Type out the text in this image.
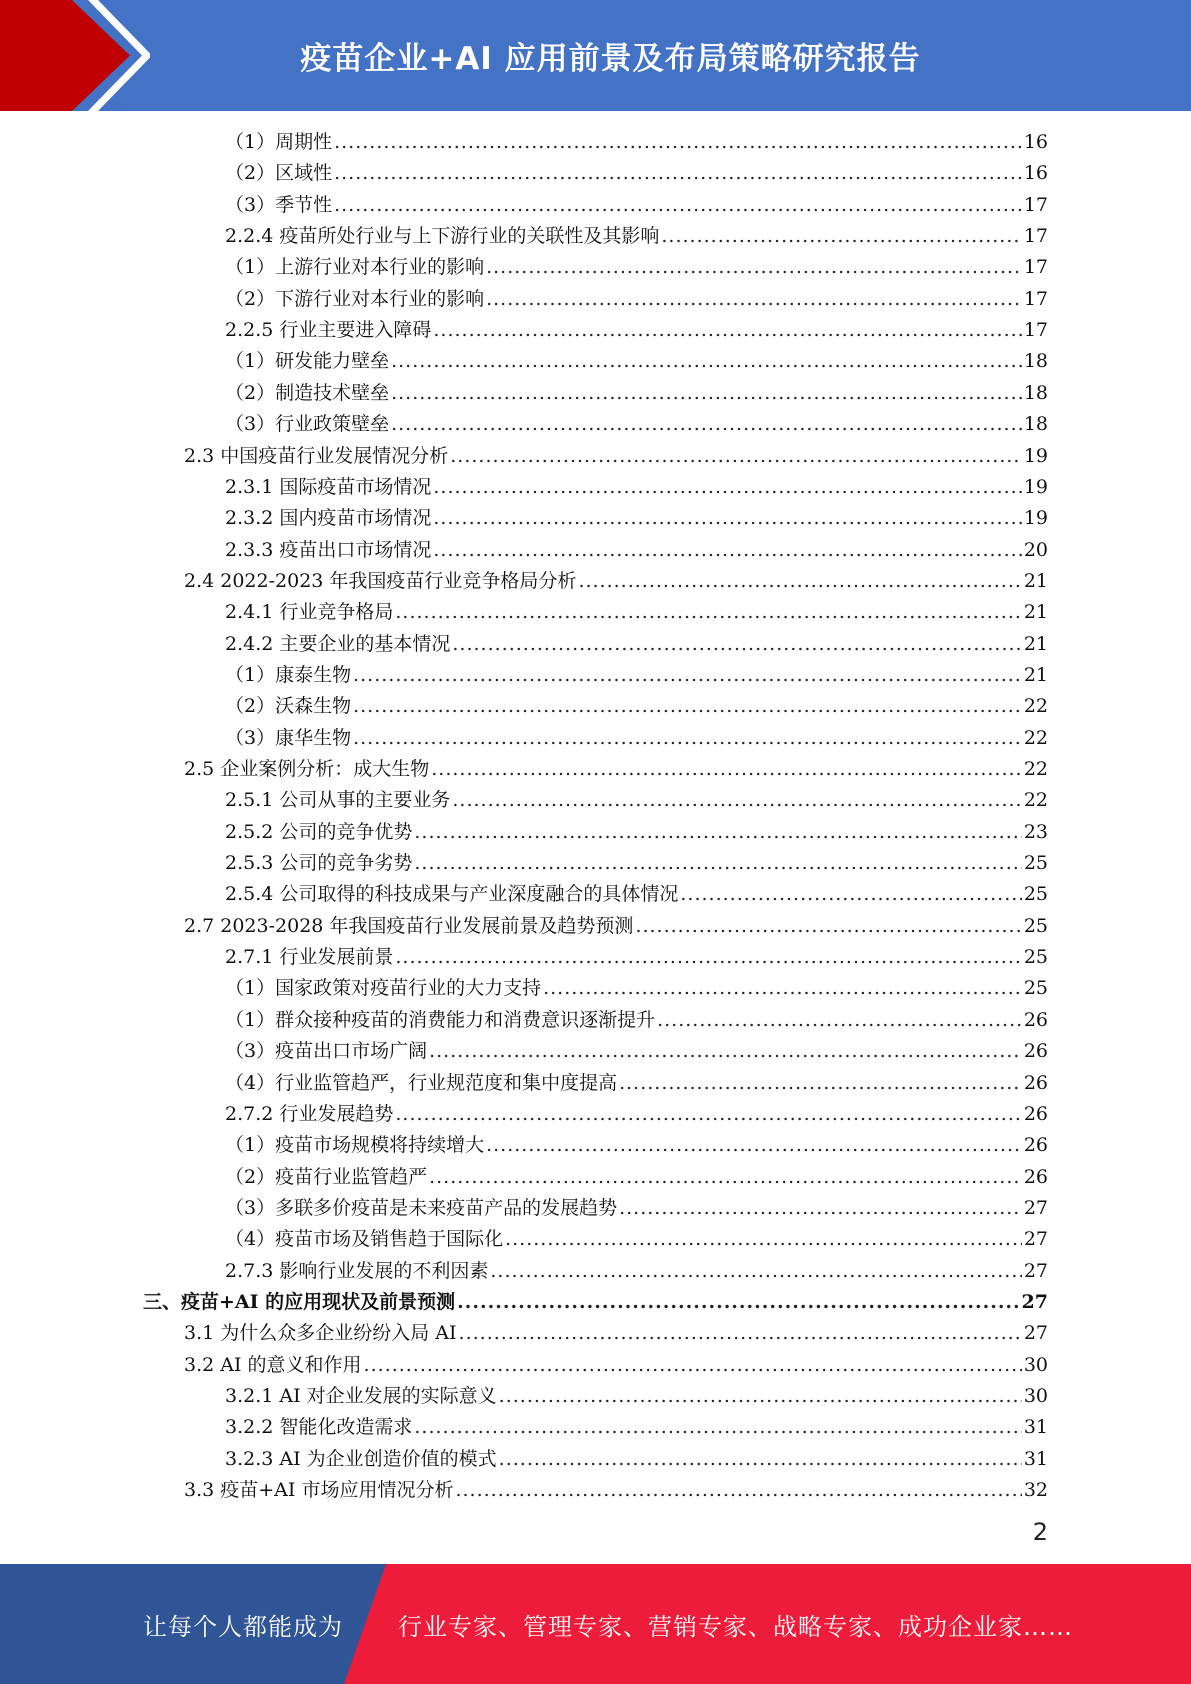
疫苗企业+AI 应用前景及布局策略研究报告
（1）周期性 .....	16
（2）区域性 .....	16
（3）季节性 .....	17
2.2.4 疫苗所处行业与上下游行业的关联性及其影响 .....	17
（1）上游行业对本行业的影响 .....	17
（2）下游行业对本行业的影响 .....	17
2.2.5 行业主要进入障碍 .....	17
（1）研发能力壁垒 .....	18
（2）制造技术壁垒 .....	18
（3）行业政策壁垒 .....	18
2.3 中国疫苗行业发展情况分析 .....	19
2.3.1 国际疫苗市场情况 .....	19
2.3.2 国内疫苗市场情况 .....	19
2.3.3 疫苗出口市场情况 .....	20
2.4 2022-2023 年我国疫苗行业竞争格局分析 .....	21
2.4.1 行业竞争格局 .....	21
2.4.2 主要企业的基本情况 .....	21
（1）康泰生物 .....	21
（2）沃森生物 .....	22
（3）康华生物 .....	22
2.5 企业案例分析：成大生物 .....	22
2.5.1 公司从事的主要业务 .....	22
2.5.2 公司的竞争优势 .....	23
2.5.3 公司的竞争劣势 .....	25
2.5.4 公司取得的科技成果与产业深度融合的具体情况 .....	25
2.7 2023-2028 年我国疫苗行业发展前景及趋势预测 .....	25
2.7.1 行业发展前景 .....	25
（1）国家政策对疫苗行业的大力支持 .....	25
（1）群众接种疫苗的消费能力和消费意识逐渐提升 .....	26
（3）疫苗出口市场广阔 .....	26
（4）行业监管趋严，行业规范度和集中度提高 .....	26
2.7.2 行业发展趋势 .....	26
（1）疫苗市场规模将持续增大 .....	26
（2）疫苗行业监管趋严 .....	26
（3）多联多价疫苗是未来疫苗产品的发展趋势 .....	27
（4）疫苗市场及销售趋于国际化 .....	27
2.7.3 影响行业发展的不利因素 .....	27
三、疫苗+AI 的应用现状及前景预测 .....	27
3.1 为什么众多企业纷纷入局 AI .....	27
3.2 AI 的意义和作用 .....	30
3.2.1 AI 对企业发展的实际意义 .....	30
3.2.2 智能化改造需求 .....	31
3.2.3 AI 为企业创造价值的模式 .....	31
3.3 疫苗+AI 市场应用情况分析 .....	32
2
让每个人都能成为 行业专家、管理专家、营销专家、战略专家、成功企业家……
